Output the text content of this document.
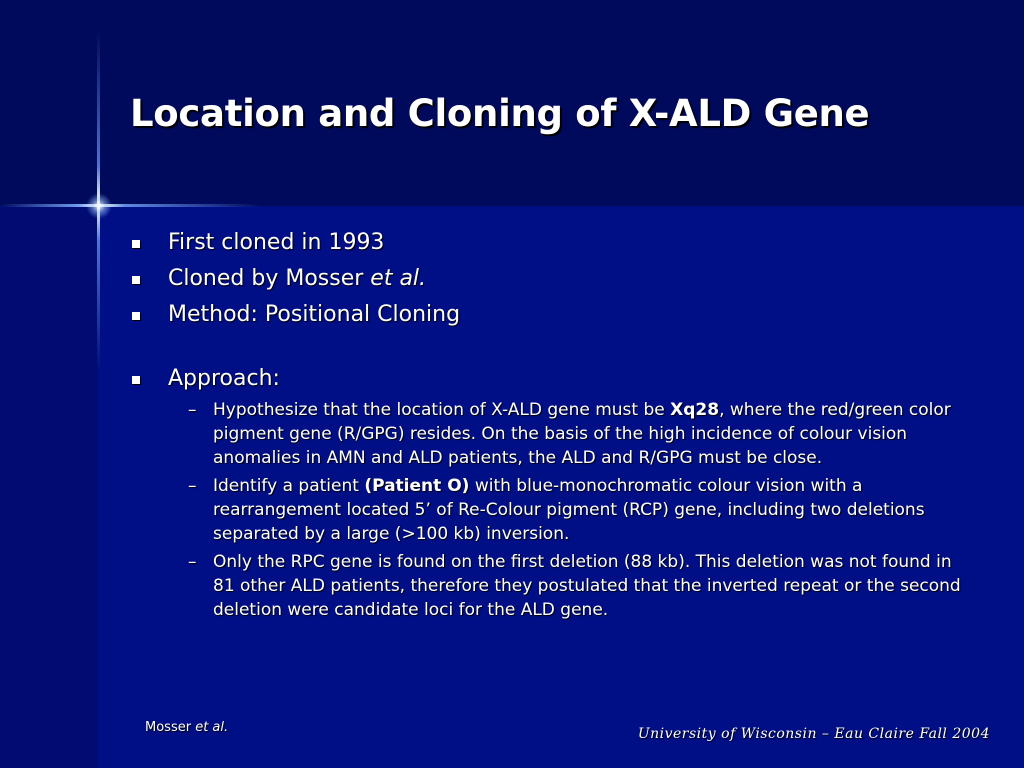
Location and Cloning of X-ALD Gene
First cloned in 1993
Cloned by Mosser et al.
Method: Positional Cloning
Approach:
– Hypothesize that the location of X-ALD gene must be Xq28, where the red/green color pigment gene (R/GPG) resides. On the basis of the high incidence of colour vision anomalies in AMN and ALD patients, the ALD and R/GPG must be close.
– Identify a patient (Patient O) with blue-monochromatic colour vision with a rearrangement located 5’ of Re-Colour pigment (RCP) gene, including two deletions separated by a large (>100 kb) inversion.
– Only the RPC gene is found on the first deletion (88 kb). This deletion was not found in 81 other ALD patients, therefore they postulated that the inverted repeat or the second deletion were candidate loci for the ALD gene.
Mosser et al.	University of Wisconsin – Eau Claire Fall 2004
